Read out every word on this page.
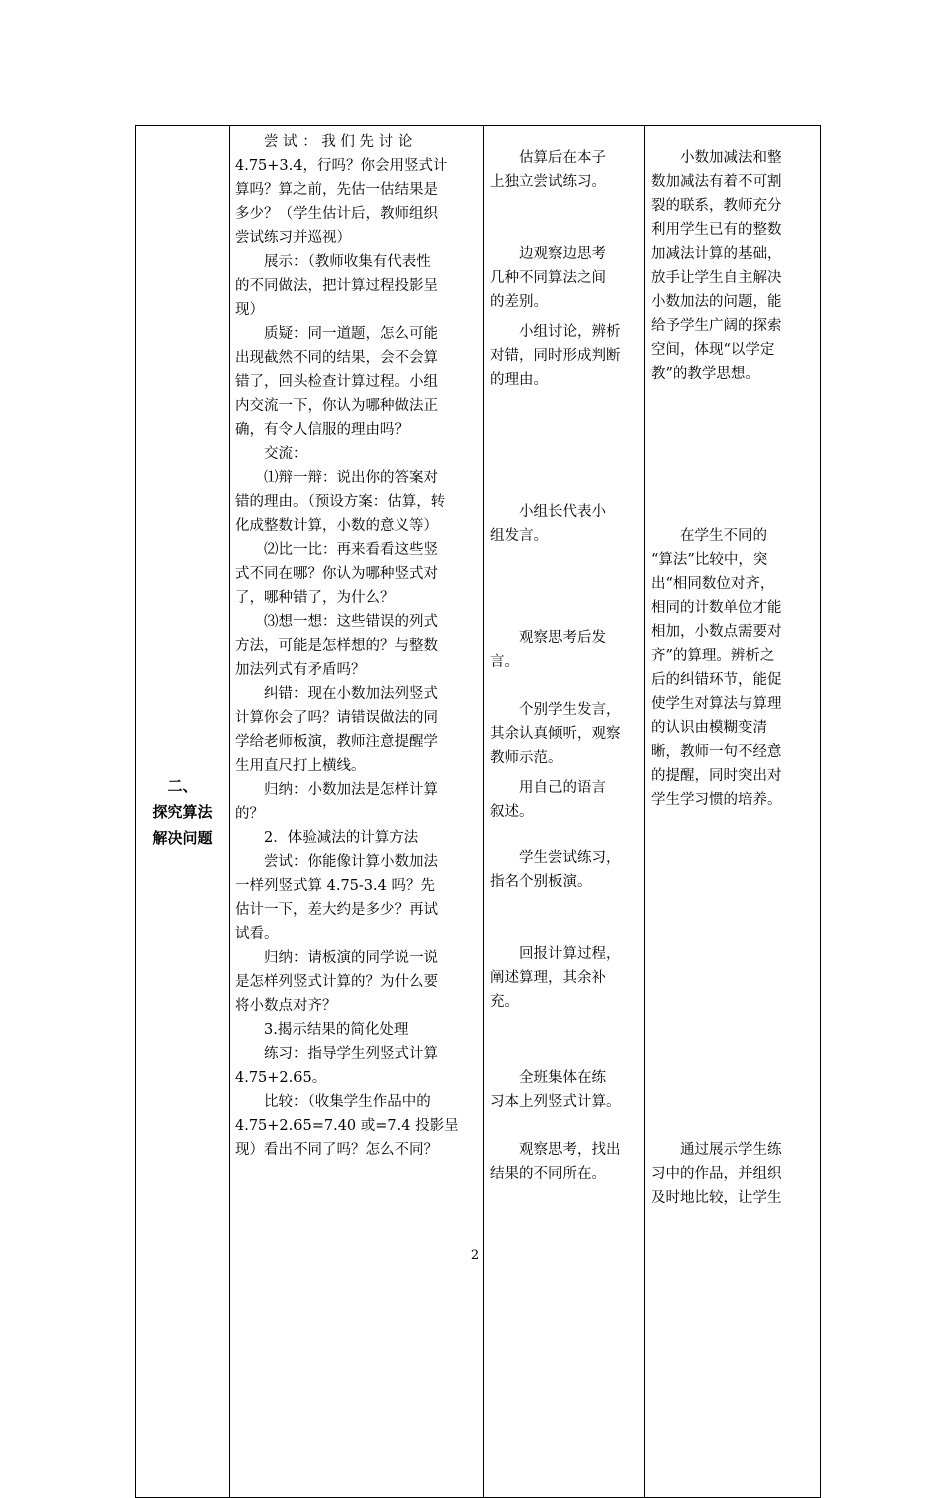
二、
探究算法
解决问题

　　尝 试 ： 我 们 先 讨 论
4.75+3.4，行吗？你会用竖式计
算吗？算之前，先估一估结果是
多少？（学生估计后，教师组织
尝试练习并巡视）
　　展示：（教师收集有代表性
的不同做法，把计算过程投影呈
现）
　　质疑：同一道题，怎么可能
出现截然不同的结果，会不会算
错了，回头检查计算过程。小组
内交流一下，你认为哪种做法正
确，有令人信服的理由吗？
　　交流：
　　⑴辩一辩：说出你的答案对
错的理由。（预设方案：估算，转
化成整数计算，小数的意义等）
　　⑵比一比：再来看看这些竖
式不同在哪？你认为哪种竖式对
了，哪种错了，为什么？
　　⑶想一想：这些错误的列式
方法，可能是怎样想的？与整数
加法列式有矛盾吗？
　　纠错：现在小数加法列竖式
计算你会了吗？请错误做法的同
学给老师板演，教师注意提醒学
生用直尺打上横线。
　　归纳：小数加法是怎样计算
的？
　　2．体验减法的计算方法
　　尝试：你能像计算小数加法
一样列竖式算 4.75-3.4 吗？先
估计一下，差大约是多少？再试
试看。
　　归纳：请板演的同学说一说
是怎样列竖式计算的？为什么要
将小数点对齐？
　　3.揭示结果的简化处理
　　练习：指导学生列竖式计算
4.75+2.65。
　　比较：（收集学生作品中的
4.75+2.65=7.40 或=7.4 投影呈
现）看出不同了吗？怎么不同？

　　估算后在本子
上独立尝试练习。
　　边观察边思考
几种不同算法之间
的差别。
　　小组讨论，辨析
对错，同时形成判断
的理由。
　　小组长代表小
组发言。
　　观察思考后发
言。
　　个别学生发言，
其余认真倾听，观察
教师示范。
　　用自己的语言
叙述。
　　学生尝试练习，
指名个别板演。
　　回报计算过程，
阐述算理，其余补
充。
　　全班集体在练
习本上列竖式计算。
　　观察思考，找出
结果的不同所在。

　　小数加减法和整
数加减法有着不可割
裂的联系，教师充分
利用学生已有的整数
加减法计算的基础，
放手让学生自主解决
小数加法的问题，能
给予学生广阔的探索
空间，体现“以学定
教”的教学思想。
　　在学生不同的
“算法”比较中，突
出“相同数位对齐，
相同的计数单位才能
相加，小数点需要对
齐”的算理。辨析之
后的纠错环节，能促
使学生对算法与算理
的认识由模糊变清
晰，教师一句不经意
的提醒，同时突出对
学生学习惯的培养。
　　通过展示学生练
习中的作品，并组织
及时地比较，让学生
2
